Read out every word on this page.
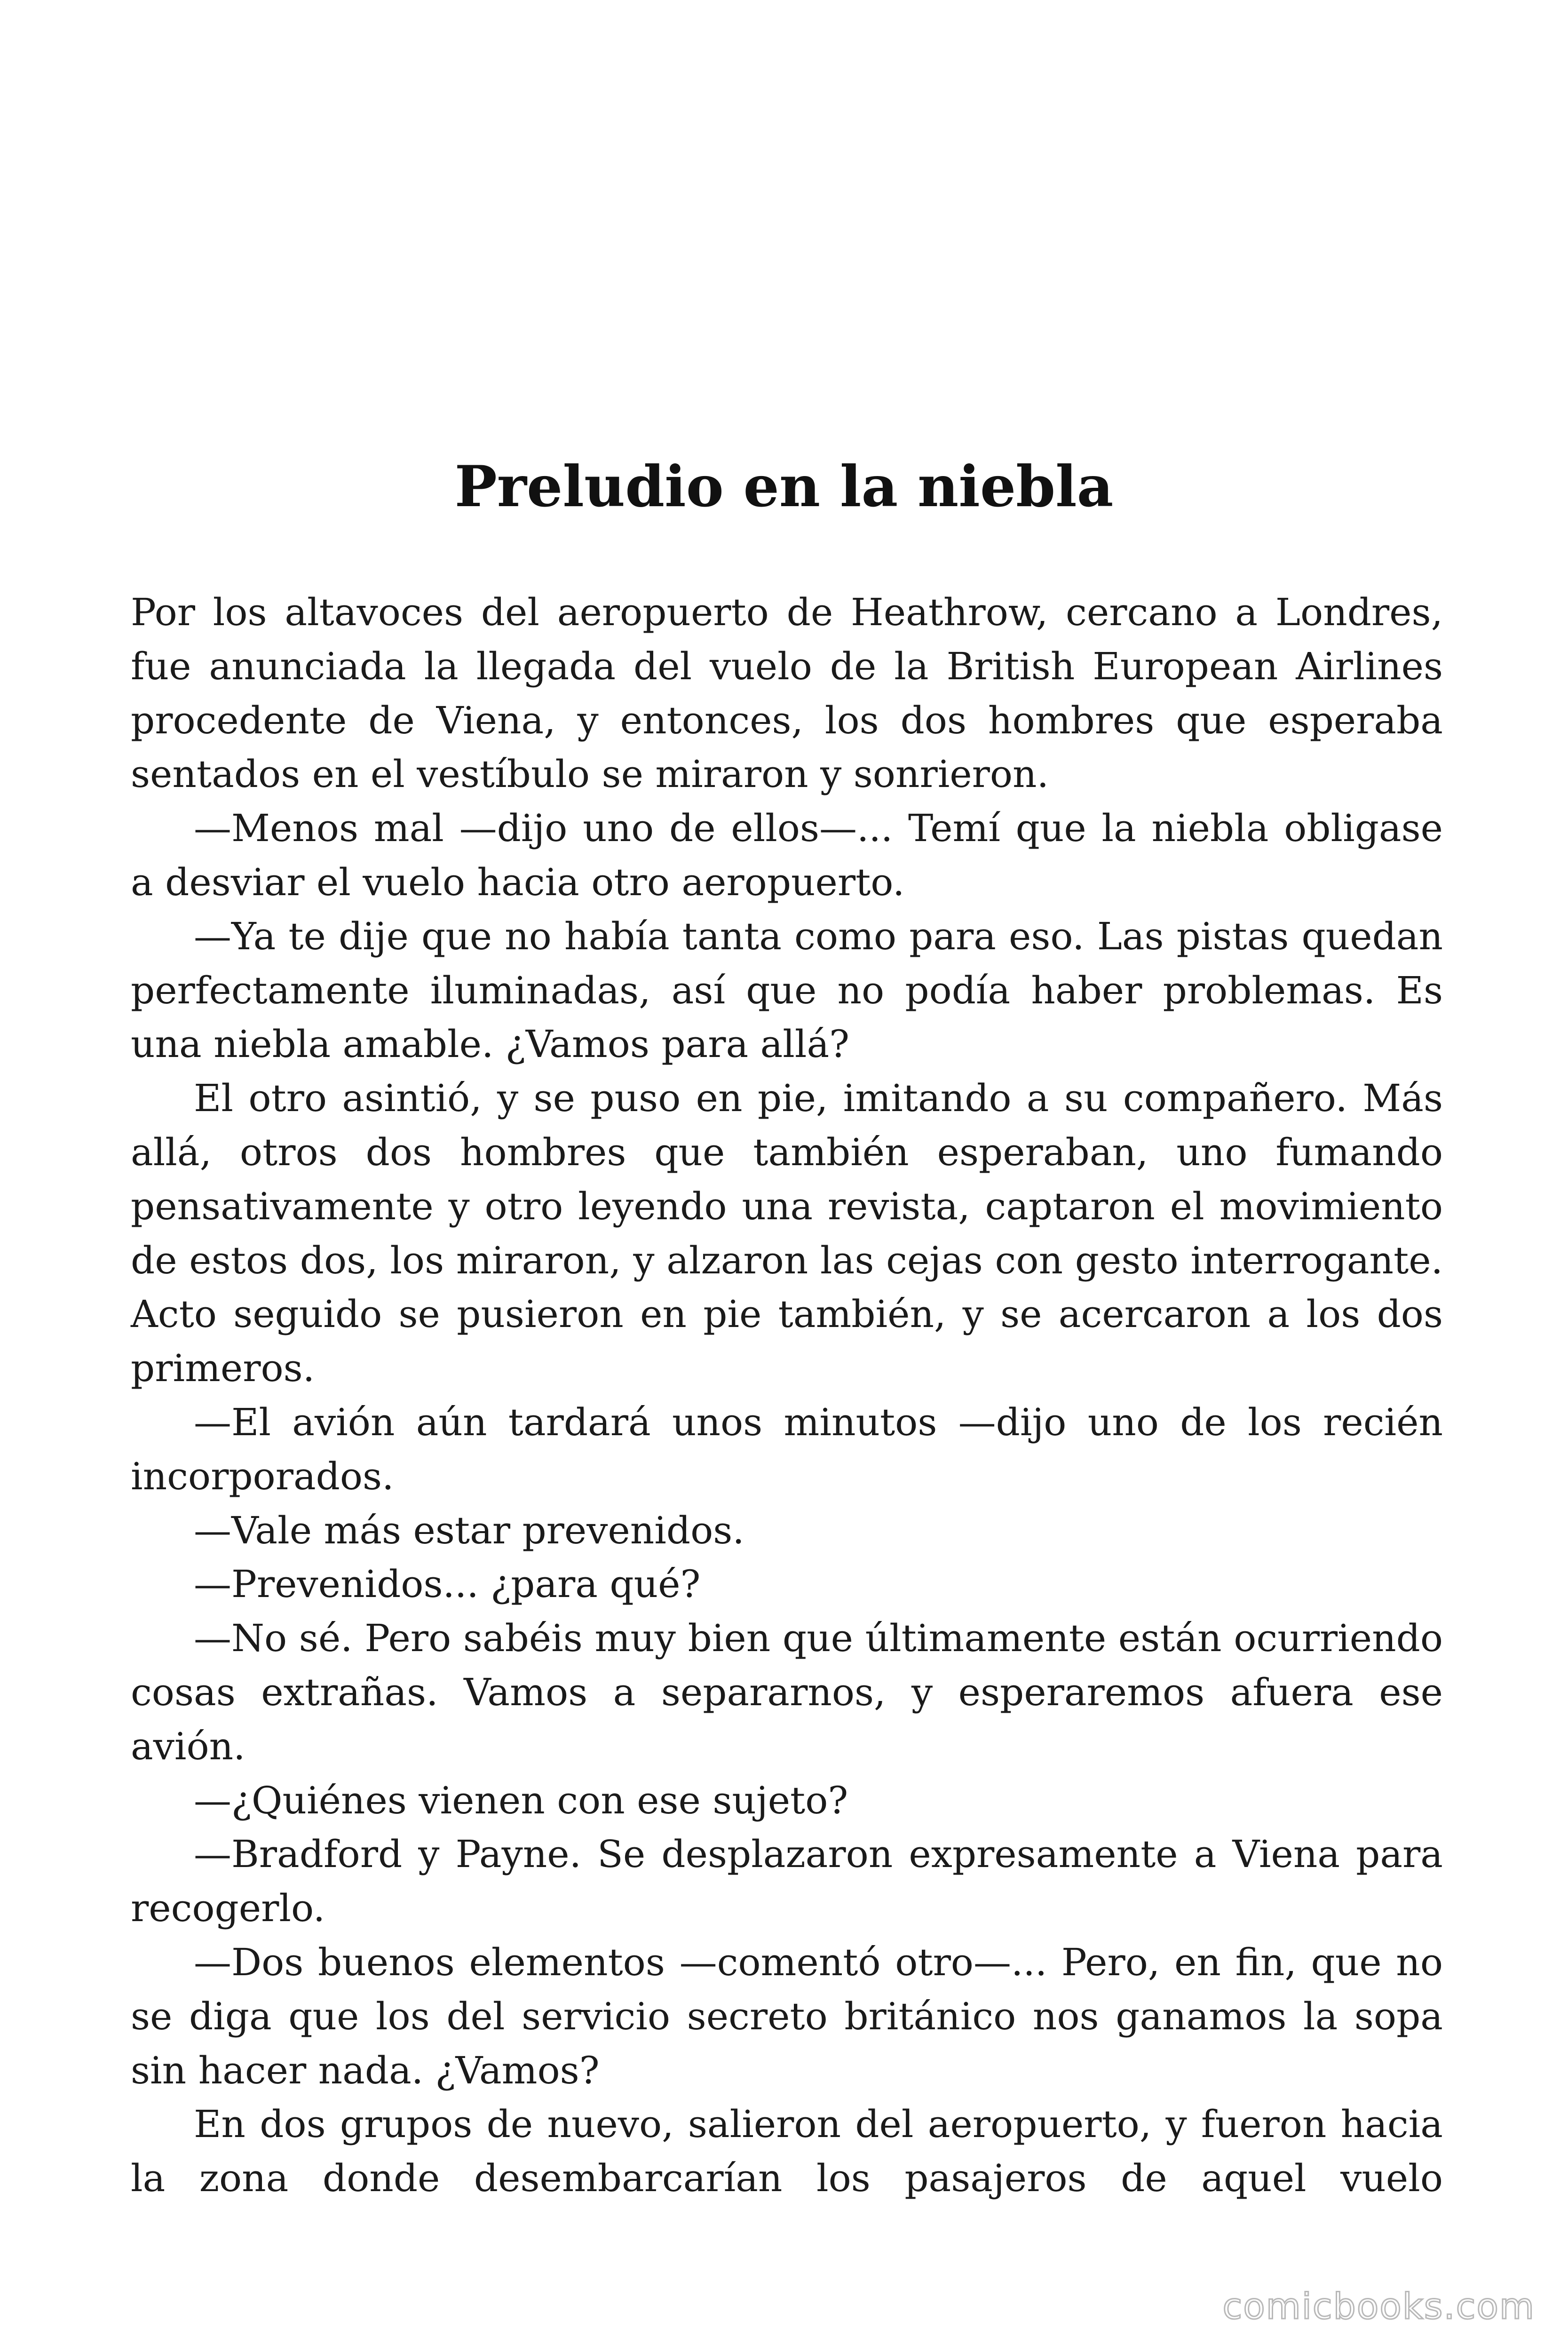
Preludio en la niebla

Por los altavoces del aeropuerto de Heathrow, cercano a Londres, fue anunciada la llegada del vuelo de la British European Airlines procedente de Viena, y entonces, los dos hombres que esperaba sentados en el vestíbulo se miraron y sonrieron.

—Menos mal —dijo uno de ellos—... Temí que la niebla obligase a desviar el vuelo hacia otro aeropuerto.

—Ya te dije que no había tanta como para eso. Las pistas quedan perfectamente iluminadas, así que no podía haber problemas. Es una niebla amable. ¿Vamos para allá?

El otro asintió, y se puso en pie, imitando a su compañero. Más allá, otros dos hombres que también esperaban, uno fumando pensativamente y otro leyendo una revista, captaron el movimiento de estos dos, los miraron, y alzaron las cejas con gesto interrogante. Acto seguido se pusieron en pie también, y se acercaron a los dos primeros.

—El avión aún tardará unos minutos —dijo uno de los recién incorporados.

—Vale más estar prevenidos.

—Prevenidos... ¿para qué?

—No sé. Pero sabéis muy bien que últimamente están ocurriendo cosas extrañas. Vamos a separarnos, y esperaremos afuera ese avión.

—¿Quiénes vienen con ese sujeto?

—Bradford y Payne. Se desplazaron expresamente a Viena para recogerlo.

—Dos buenos elementos —comentó otro—... Pero, en fin, que no se diga que los del servicio secreto británico nos ganamos la sopa sin hacer nada. ¿Vamos?

En dos grupos de nuevo, salieron del aeropuerto, y fueron hacia la zona donde desembarcarían los pasajeros de aquel vuelo

comicbooks.com
